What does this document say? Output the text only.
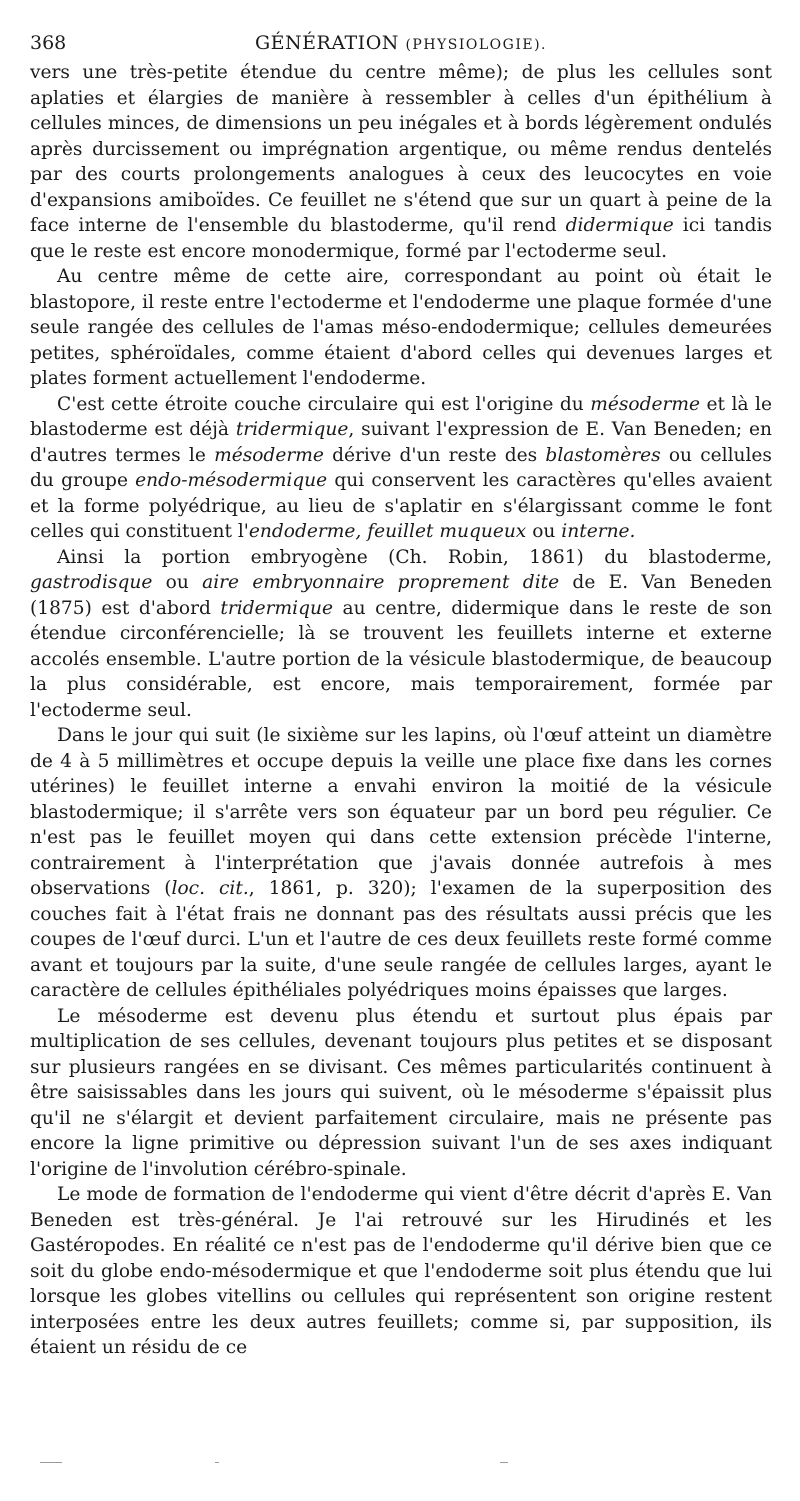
368	GÉNÉRATION (PHYSIOLOGIE).

vers une très-petite étendue du centre même); de plus les cellules sont aplaties et élargies de manière à ressembler à celles d'un épithélium à cellules minces, de dimensions un peu inégales et à bords légèrement ondulés après durcissement ou imprégnation argentique, ou même rendus dentelés par des courts prolongements analogues à ceux des leucocytes en voie d'expansions amiboïdes. Ce feuillet ne s'étend que sur un quart à peine de la face interne de l'ensemble du blastoderme, qu'il rend didermique ici tandis que le reste est encore monodermique, formé par l'ectoderme seul.

Au centre même de cette aire, correspondant au point où était le blastopore, il reste entre l'ectoderme et l'endoderme une plaque formée d'une seule rangée des cellules de l'amas méso-endodermique; cellules demeurées petites, sphéroïdales, comme étaient d'abord celles qui devenues larges et plates forment actuellement l'endoderme.

C'est cette étroite couche circulaire qui est l'origine du mésoderme et là le blastoderme est déjà tridermique, suivant l'expression de E. Van Beneden; en d'autres termes le mésoderme dérive d'un reste des blastomères ou cellules du groupe endo-mésodermique qui conservent les caractères qu'elles avaient et la forme polyédrique, au lieu de s'aplatir en s'élargissant comme le font celles qui constituent l'endoderme, feuillet muqueux ou interne.

Ainsi la portion embryogène (Ch. Robin, 1861) du blastoderme, gastrodisque ou aire embryonnaire proprement dite de E. Van Beneden (1875) est d'abord tridermique au centre, didermique dans le reste de son étendue circonférencielle; là se trouvent les feuillets interne et externe accolés ensemble. L'autre portion de la vésicule blastodermique, de beaucoup la plus considérable, est encore, mais temporairement, formée par l'ectoderme seul.

Dans le jour qui suit (le sixième sur les lapins, où l'œuf atteint un diamètre de 4 à 5 millimètres et occupe depuis la veille une place fixe dans les cornes utérines) le feuillet interne a envahi environ la moitié de la vésicule blastodermique; il s'arrête vers son équateur par un bord peu régulier. Ce n'est pas le feuillet moyen qui dans cette extension précède l'interne, contrairement à l'interprétation que j'avais donnée autrefois à mes observations (loc. cit., 1861, p. 320); l'examen de la superposition des couches fait à l'état frais ne donnant pas des résultats aussi précis que les coupes de l'œuf durci. L'un et l'autre de ces deux feuillets reste formé comme avant et toujours par la suite, d'une seule rangée de cellules larges, ayant le caractère de cellules épithéliales polyédriques moins épaisses que larges.

Le mésoderme est devenu plus étendu et surtout plus épais par multiplication de ses cellules, devenant toujours plus petites et se disposant sur plusieurs rangées en se divisant. Ces mêmes particularités continuent à être saisissables dans les jours qui suivent, où le mésoderme s'épaissit plus qu'il ne s'élargit et devient parfaitement circulaire, mais ne présente pas encore la ligne primitive ou dépression suivant l'un de ses axes indiquant l'origine de l'involution cérébro-spinale.

Le mode de formation de l'endoderme qui vient d'être décrit d'après E. Van Beneden est très-général. Je l'ai retrouvé sur les Hirudinés et les Gastéropodes. En réalité ce n'est pas de l'endoderme qu'il dérive bien que ce soit du globe endo-mésodermique et que l'endoderme soit plus étendu que lui lorsque les globes vitellins ou cellules qui représentent son origine restent interposées entre les deux autres feuillets; comme si, par supposition, ils étaient un résidu de ce
